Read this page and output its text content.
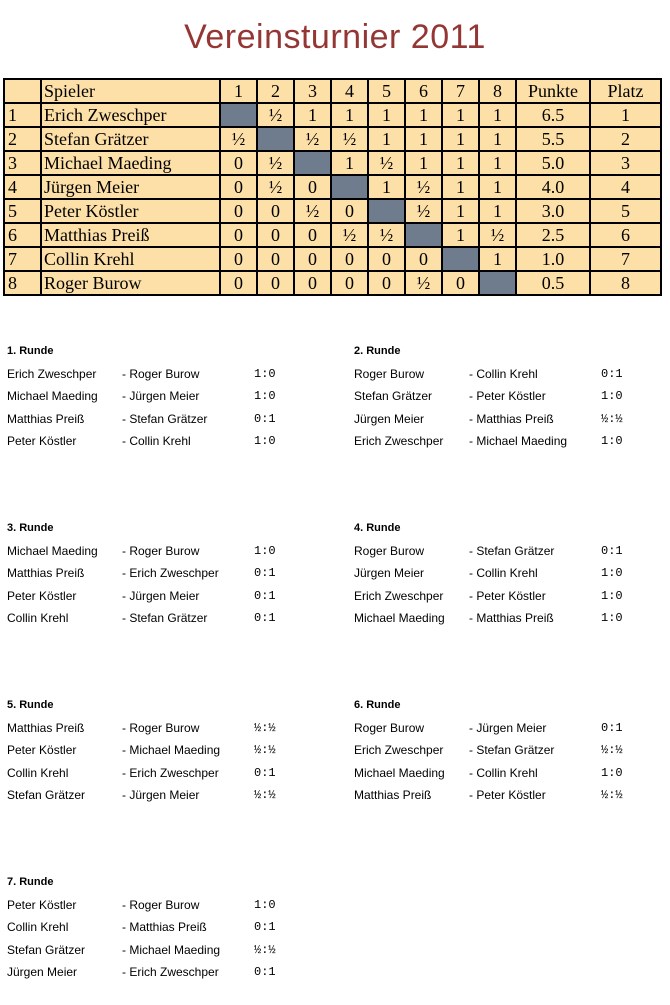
Vereinsturnier 2011
	Spieler	1	2	3	4	5	6	7	8	Punkte	Platz
1	Erich Zweschper		½	1	1	1	1	1	1	6.5	1
2	Stefan Grätzer	½		½	½	1	1	1	1	5.5	2
3	Michael Maeding	0	½		1	½	1	1	1	5.0	3
4	Jürgen Meier	0	½	0		1	½	1	1	4.0	4
5	Peter Köstler	0	0	½	0		½	1	1	3.0	5
6	Matthias Preiß	0	0	0	½	½		1	½	2.5	6
7	Collin Krehl	0	0	0	0	0	0		1	1.0	7
8	Roger Burow	0	0	0	0	0	½	0		0.5	8
1. Runde
Erich Zweschper - Roger Burow	1:0
Michael Maeding - Jürgen Meier	1:0
Matthias Preiß	- Stefan Grätzer	0:1
Peter Köstler	- Collin Krehl	1:0
2. Runde
Roger Burow	- Collin Krehl	0:1
Stefan Grätzer	- Peter Köstler	1:0
Jürgen Meier	- Matthias Preiß	½:½
Erich Zweschper - Michael Maeding	1:0
3. Runde
Michael Maeding - Roger Burow	1:0
Matthias Preiß	- Erich Zweschper	0:1
Peter Köstler	- Jürgen Meier	0:1
Collin Krehl	- Stefan Grätzer	0:1
4. Runde
Roger Burow	- Stefan Grätzer	0:1
Jürgen Meier	- Collin Krehl	1:0
Erich Zweschper - Peter Köstler	1:0
Michael Maeding - Matthias Preiß	1:0
5. Runde
Matthias Preiß	- Roger Burow	½:½
Peter Köstler	- Michael Maeding	½:½
Collin Krehl	- Erich Zweschper	0:1
Stefan Grätzer	- Jürgen Meier	½:½
6. Runde
Roger Burow	- Jürgen Meier	0:1
Erich Zweschper - Stefan Grätzer	½:½
Michael Maeding - Collin Krehl	1:0
Matthias Preiß	- Peter Köstler	½:½
7. Runde
Peter Köstler	- Roger Burow	1:0
Collin Krehl	- Matthias Preiß	0:1
Stefan Grätzer	- Michael Maeding	½:½
Jürgen Meier	- Erich Zweschper	0:1
